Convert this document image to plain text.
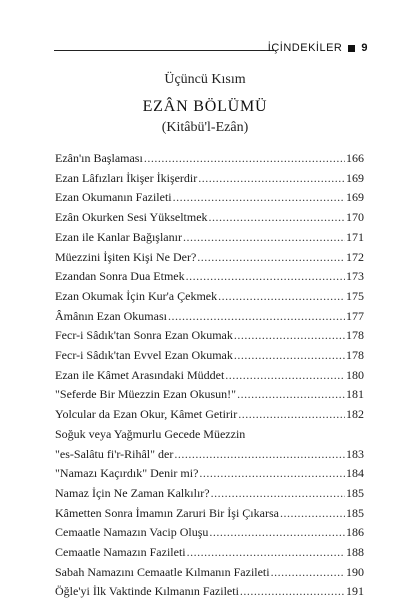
İÇİNDEKİLER 9
Üçüncü Kısım
EZÂN BÖLÜMÜ
(Kitâbü'l-Ezân)
Ezân'ın Başlaması .....	166
Ezan Lâfızları İkişer İkişerdir .....	169
Ezan Okumanın Fazileti .....	169
Ezân Okurken Sesi Yükseltmek .....	170
Ezan ile Kanlar Bağışlanır .....	171
Müezzini İşiten Kişi Ne Der? .....	172
Ezandan Sonra Dua Etmek .....	173
Ezan Okumak İçin Kur'a Çekmek .....	175
Âmânın Ezan Okuması .....	177
Fecr-i Sâdık'tan Sonra Ezan Okumak .....	178
Fecr-i Sâdık'tan Evvel Ezan Okumak .....	178
Ezan ile Kâmet Arasındaki Müddet .....	180
"Seferde Bir Müezzin Ezan Okusun!" .....	181
Yolcular da Ezan Okur, Kâmet Getirir .....	182
Soğuk veya Yağmurlu Gecede Müezzin
"es-Salâtu fi'r-Rihâl" der .....	183
"Namazı Kaçırdık" Denir mi? .....	184
Namaz İçin Ne Zaman Kalkılır? .....	185
Kâmetten Sonra İmamın Zaruri Bir İşi Çıkarsa .....	185
Cemaatle Namazın Vacip Oluşu .....	186
Cemaatle Namazın Fazileti .....	188
Sabah Namazını Cemaatle Kılmanın Fazileti .....	190
Öğle'yi İlk Vaktinde Kılmanın Fazileti .....	191
